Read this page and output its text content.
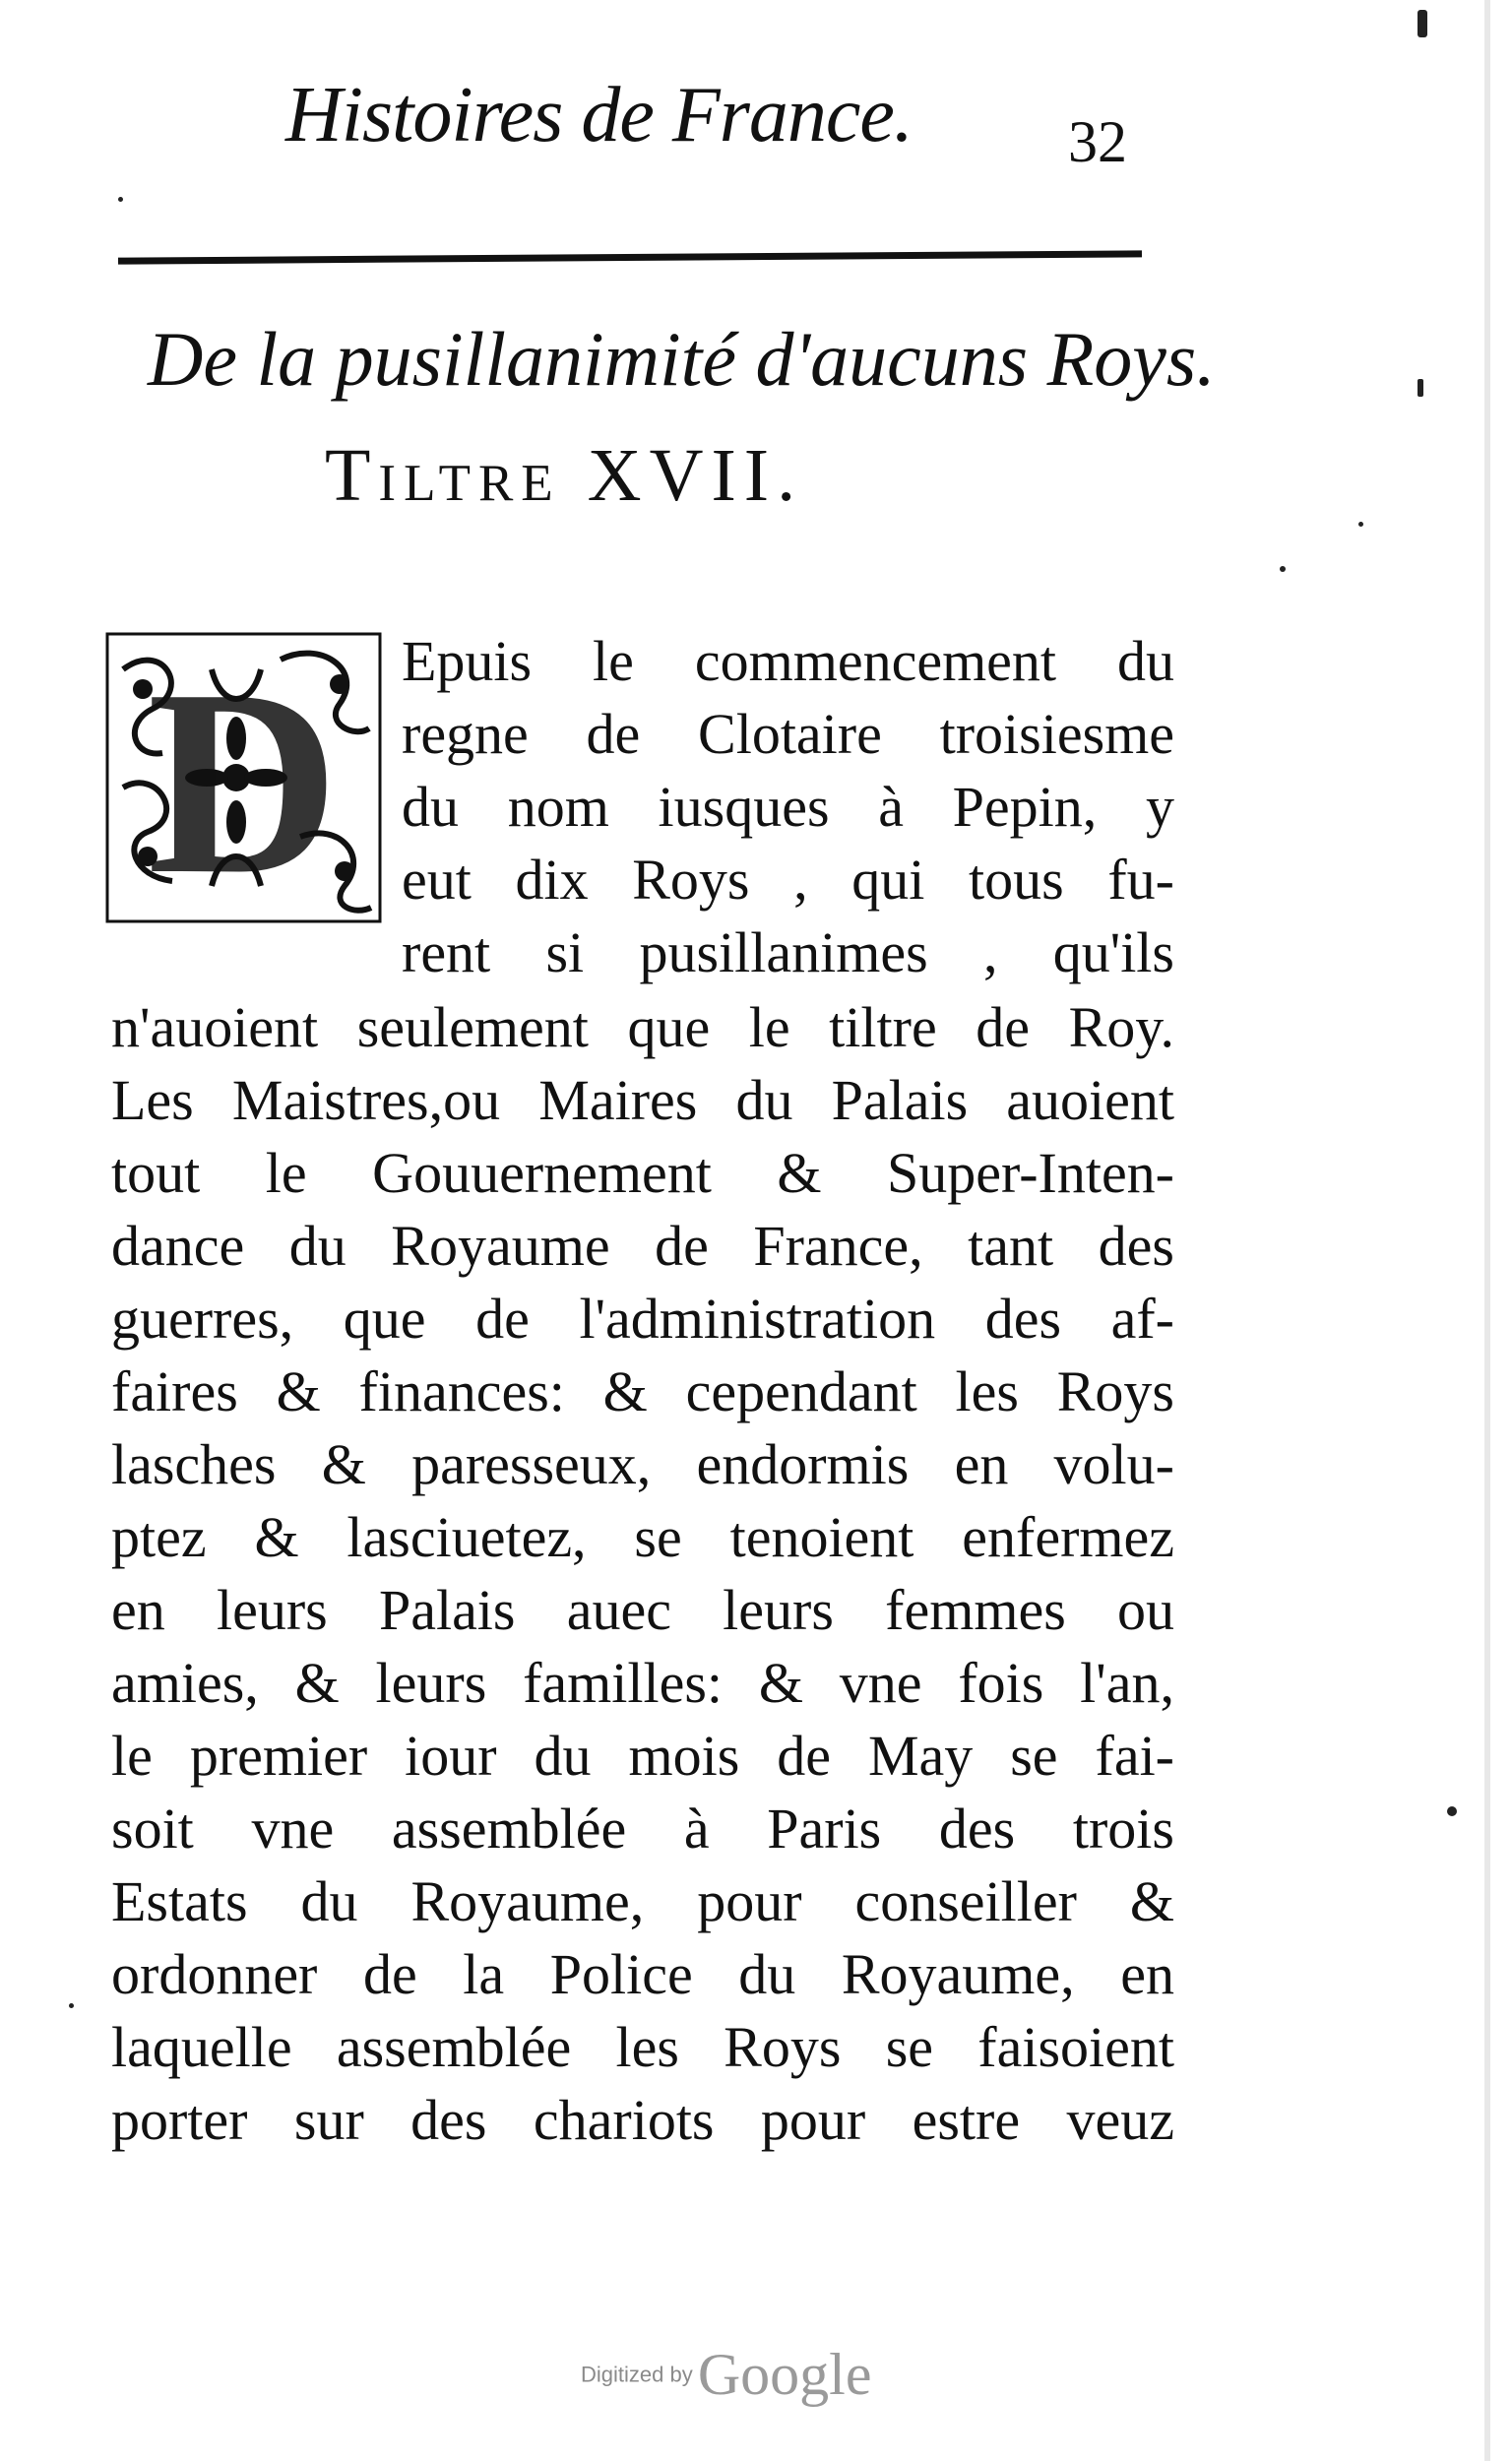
Histoires de France.	32
De la pusillanimité d'aucuns Roys.
Tiltre XVII.
D Epuis le commencement du
regne de Clotaire troisiesme
du nom iusques à Pepin, y
eut dix Roys , qui tous fu-
rent si pusillanimes , qu'ils
n'auoient seulement que le tiltre de Roy.
Les Maistres,ou Maires du Palais auoient
tout le Gouuernement & Super-Inten-
dance du Royaume de France, tant des
guerres, que de l'administration des af-
faires & finances: & cependant les Roys
lasches & paresseux, endormis en volu-
ptez & lasciuetez, se tenoient enfermez
en leurs Palais auec leurs femmes ou
amies, & leurs familles: & vne fois l'an,
le premier iour du mois de May se fai-
soit vne assemblée à Paris des trois
Estats du Royaume, pour conseiller &
ordonner de la Police du Royaume, en
laquelle assemblée les Roys se faisoient
porter sur des chariots pour estre veuz
Digitized by Google
